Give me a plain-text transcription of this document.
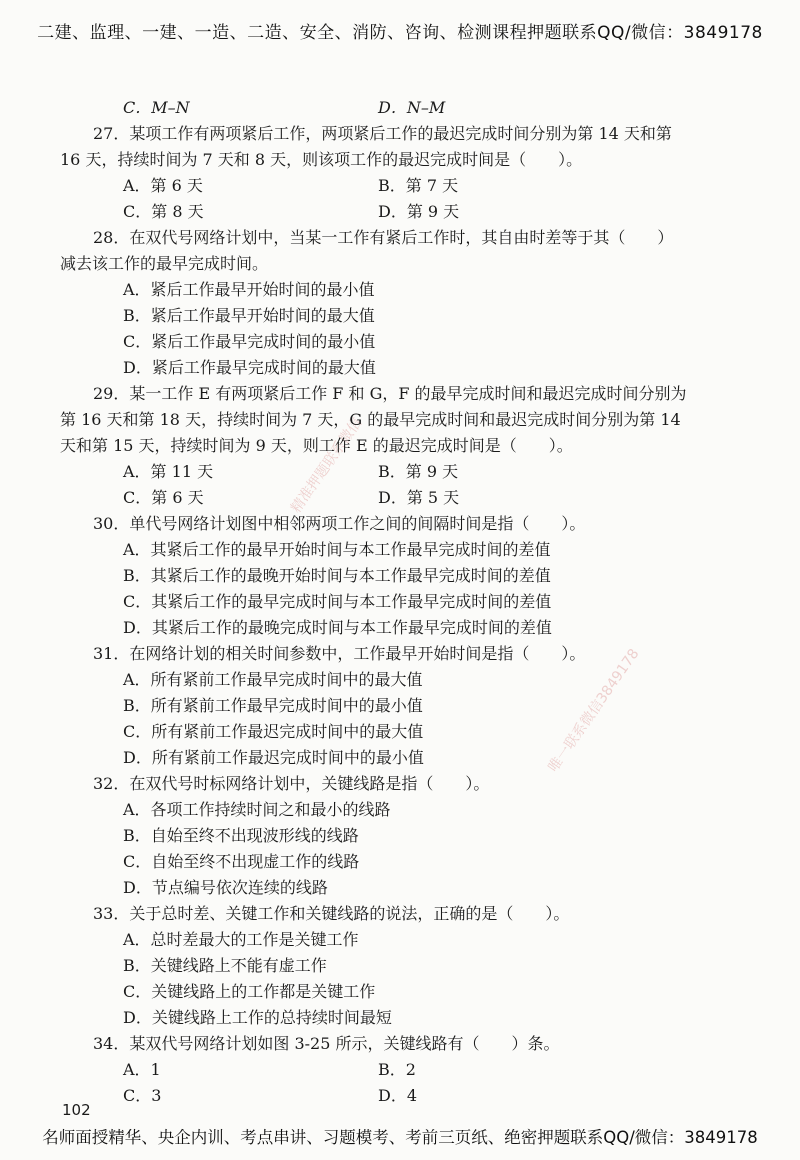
二建、监理、一建、一造、二造、安全、消防、咨询、检测课程押题联系QQ/微信：3849178
精准押题联系微信
唯一联系微信3849178
C．M–N	D．N–M
27．某项工作有两项紧后工作，两项紧后工作的最迟完成时间分别为第 14 天和第
16 天，持续时间为 7 天和 8 天，则该项工作的最迟完成时间是（　　）。
A．第 6 天	B．第 7 天
C．第 8 天	D．第 9 天
28．在双代号网络计划中，当某一工作有紧后工作时，其自由时差等于其（　　）
减去该工作的最早完成时间。
A．紧后工作最早开始时间的最小值
B．紧后工作最早开始时间的最大值
C．紧后工作最早完成时间的最小值
D．紧后工作最早完成时间的最大值
29．某一工作 E 有两项紧后工作 F 和 G，F 的最早完成时间和最迟完成时间分别为
第 16 天和第 18 天，持续时间为 7 天，G 的最早完成时间和最迟完成时间分别为第 14
天和第 15 天，持续时间为 9 天，则工作 E 的最迟完成时间是（　　）。
A．第 11 天	B．第 9 天
C．第 6 天	D．第 5 天
30．单代号网络计划图中相邻两项工作之间的间隔时间是指（　　）。
A．其紧后工作的最早开始时间与本工作最早完成时间的差值
B．其紧后工作的最晚开始时间与本工作最早完成时间的差值
C．其紧后工作的最早完成时间与本工作最早完成时间的差值
D．其紧后工作的最晚完成时间与本工作最早完成时间的差值
31．在网络计划的相关时间参数中，工作最早开始时间是指（　　）。
A．所有紧前工作最早完成时间中的最大值
B．所有紧前工作最早完成时间中的最小值
C．所有紧前工作最迟完成时间中的最大值
D．所有紧前工作最迟完成时间中的最小值
32．在双代号时标网络计划中，关键线路是指（　　）。
A．各项工作持续时间之和最小的线路
B．自始至终不出现波形线的线路
C．自始至终不出现虚工作的线路
D．节点编号依次连续的线路
33．关于总时差、关键工作和关键线路的说法，正确的是（　　）。
A．总时差最大的工作是关键工作
B．关键线路上不能有虚工作
C．关键线路上的工作都是关键工作
D．关键线路上工作的总持续时间最短
34．某双代号网络计划如图 3-25 所示，关键线路有（　　）条。
A．1	B．2
C．3	D．4
102
名师面授精华、央企内训、考点串讲、习题模考、考前三页纸、绝密押题联系QQ/微信：3849178
